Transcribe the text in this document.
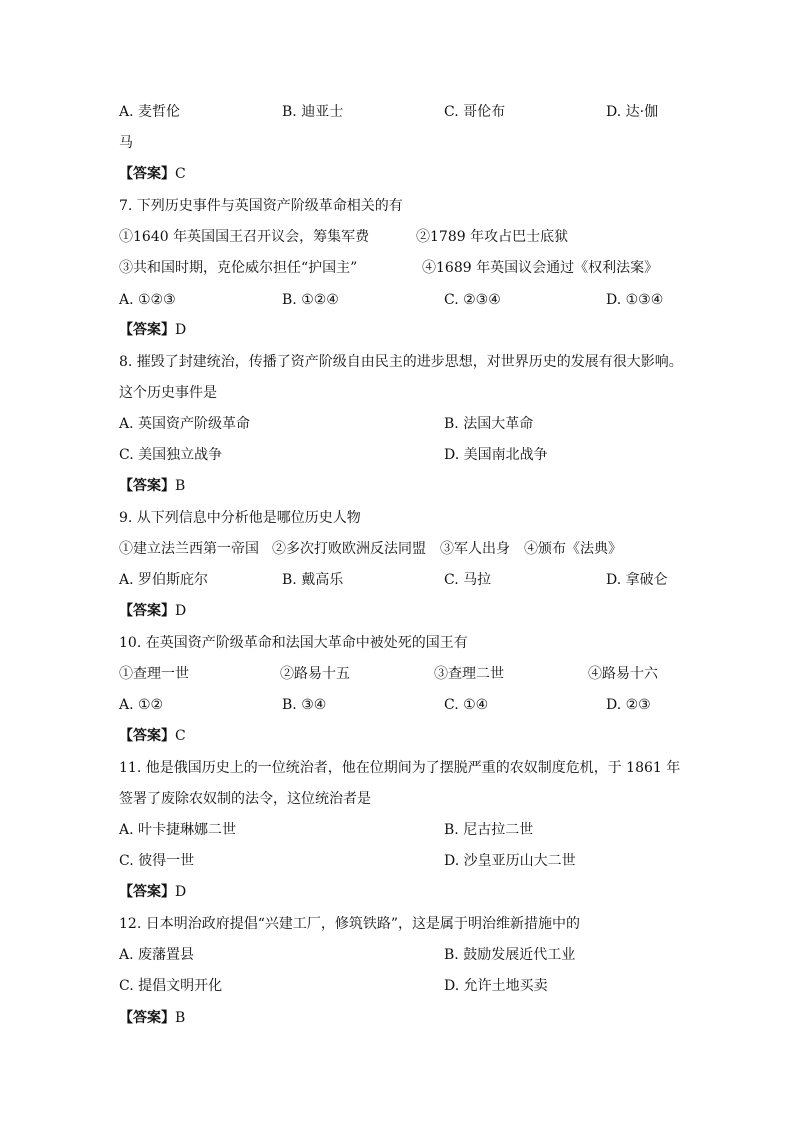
A. 麦哲伦	B. 迪亚士	C. 哥伦布	D. 达·伽
马
【答案】C
7. 下列历史事件与英国资产阶级革命相关的有
①1640 年英国国王召开议会，筹集军费	②1789 年攻占巴士底狱
③共和国时期，克伦威尔担任“护国主”	④1689 年英国议会通过《权利法案》
A. ①②③	B. ①②④	C. ②③④	D. ①③④
【答案】D
8. 摧毁了封建统治，传播了资产阶级自由民主的进步思想，对世界历史的发展有很大影响。
这个历史事件是
A. 英国资产阶级革命	B. 法国大革命
C. 美国独立战争	D. 美国南北战争
【答案】B
9. 从下列信息中分析他是哪位历史人物
①建立法兰西第一帝国 ②多次打败欧洲反法同盟 ③军人出身 ④颁布《法典》
A. 罗伯斯庇尔	B. 戴高乐	C. 马拉	D. 拿破仑
【答案】D
10. 在英国资产阶级革命和法国大革命中被处死的国王有
①查理一世	②路易十五	③查理二世	④路易十六
A. ①②	B. ③④	C. ①④	D. ②③
【答案】C
11. 他是俄国历史上的一位统治者，他在位期间为了摆脱严重的农奴制度危机，于 1861 年
签署了废除农奴制的法令，这位统治者是
A. 叶卡捷琳娜二世	B. 尼古拉二世
C. 彼得一世	D. 沙皇亚历山大二世
【答案】D
12. 日本明治政府提倡“兴建工厂，修筑铁路”，这是属于明治维新措施中的
A. 废藩置县	B. 鼓励发展近代工业
C. 提倡文明开化	D. 允许土地买卖
【答案】B
